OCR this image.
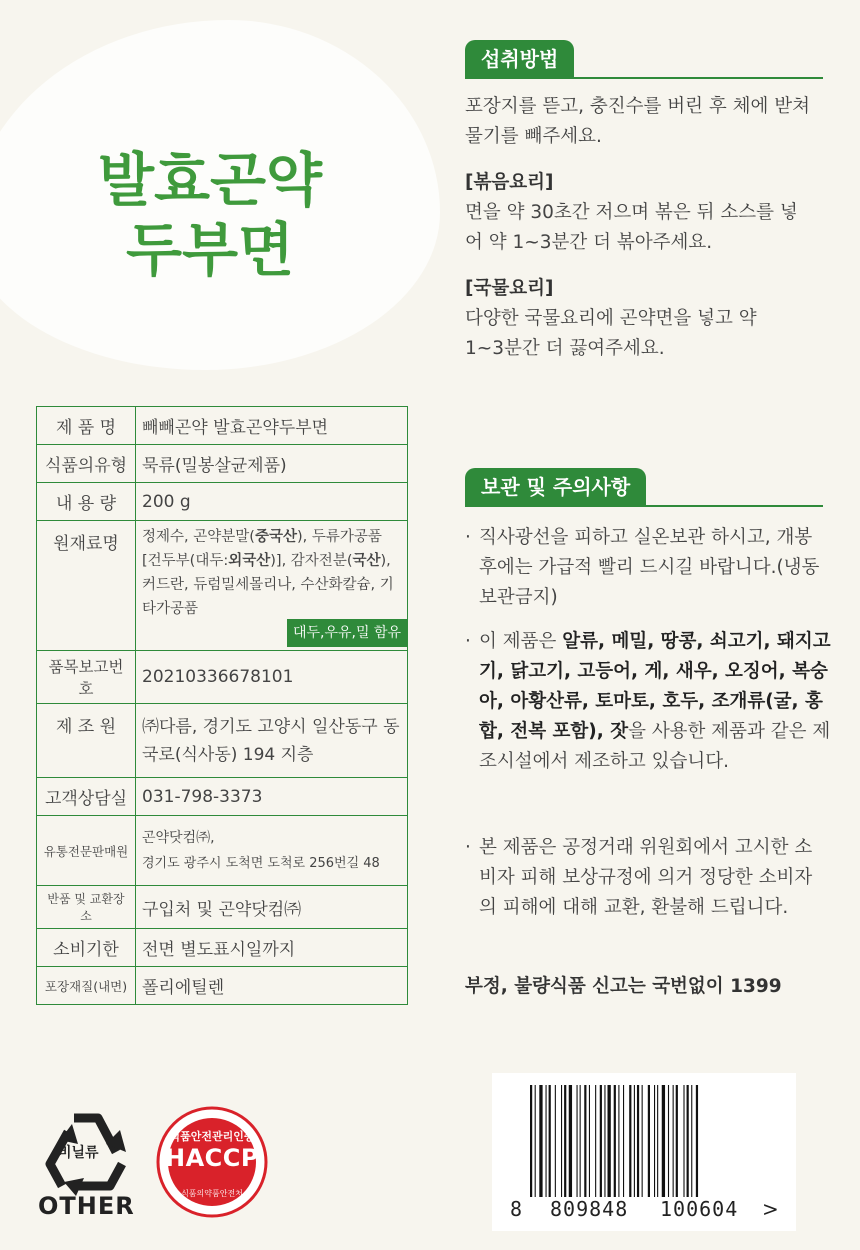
발효곤약
두부면
섭취방법
포장지를 뜯고, 충진수를 버린 후 체에 받쳐 물기를 빼주세요.
[볶음요리]
면을 약 30초간 저으며 볶은 뒤 소스를 넣어 약 1~3분간 더 볶아주세요.
[국물요리]
다양한 국물요리에 곤약면을 넣고 약 1~3분간 더 끓여주세요.
보관 및 주의사항
· 직사광선을 피하고 실온보관 하시고, 개봉 후에는 가급적 빨리 드시길 바랍니다.(냉동보관금지)
· 이 제품은 알류, 메밀, 땅콩, 쇠고기, 돼지고기, 닭고기, 고등어, 게, 새우, 오징어, 복숭아, 아황산류, 토마토, 호두, 조개류(굴, 홍합, 전복 포함), 잣을 사용한 제품과 같은 제조시설에서 제조하고 있습니다.
· 본 제품은 공정거래 위원회에서 고시한 소비자 피해 보상규정에 의거 정당한 소비자의 피해에 대해 교환, 환불해 드립니다.
부정, 불량식품 신고는 국번없이 1399
제 품 명	빼빼곤약 발효곤약두부면
식품의유형	묵류(밀봉살균제품)
내 용 량	200 g
원재료명	정제수, 곤약분말(중국산), 두류가공품 [건두부(대두:외국산)], 감자전분(국산), 커드란, 듀럼밀세몰리나, 수산화칼슘, 기타가공품
대두,우유,밀 함유

품목보고번호	20210336678101
제 조 원	㈜다름, 경기도 고양시 일산동구 동국로(식사동) 194 지층
고객상담실	031-798-3373
유통전문판매원	곤약닷컴㈜,
경기도 광주시 도척면 도척로 256번길 48

반품 및 교환장소	구입처 및 곤약닷컴㈜
소비기한	전면 별도표시일까지
포장재질(내면)	폴리에틸렌
비닐류
OTHER
식품안전관리인증
HACCP
식품의약품안전처
8 809848 100604 >
